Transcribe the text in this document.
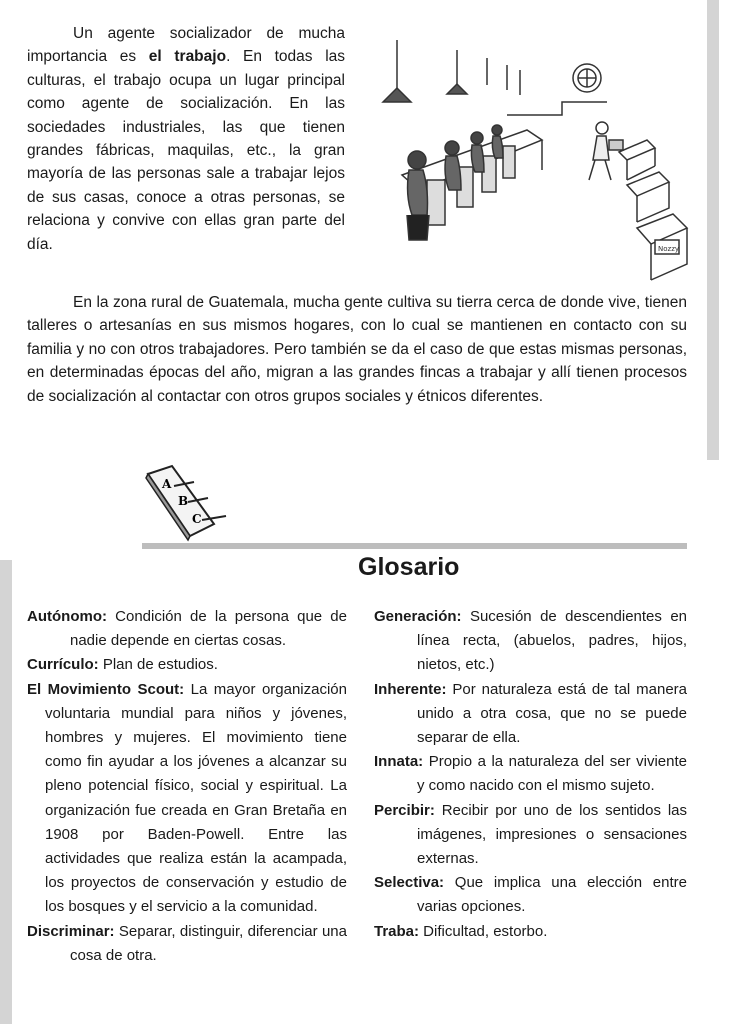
Un agente socializador de mucha importancia es el trabajo. En todas las culturas, el trabajo ocupa un lugar principal como agente de socialización. En las sociedades industriales, las que tienen grandes fábricas, maquilas, etc., la gran mayoría de las personas sale a trabajar lejos de sus casas, conoce a otras personas, se relaciona y convive con ellas gran parte del día.	Nozzy

En la zona rural de Guatemala, mucha gente cultiva su tierra cerca de donde vive, tienen talleres o artesanías en sus mismos hogares, con lo cual se mantienen en contacto con su familia y no con otros trabajadores. Pero también se da el caso de que estas mismas personas, en determinadas épocas del año, migran a las grandes fincas a trabajar y allí tienen procesos de socialización al contactar con otros grupos sociales y étnicos diferentes.

A
B
C
Glosario

Autónomo: Condición de la persona que de nadie depende en ciertas cosas.

Currículo: Plan de estudios.

El Movimiento Scout: La mayor organización voluntaria mundial para niños y jóvenes, hombres y mujeres. El movimiento tiene como fin ayudar a los jóvenes a alcanzar su pleno potencial físico, social y espiritual. La organización fue creada en Gran Bretaña en 1908 por Baden-Powell. Entre las actividades que realiza están la acampada, los proyectos de conservación y estudio de los bosques y el servicio a la comunidad.

Discriminar: Separar, distinguir, diferenciar una cosa de otra.

Generación: Sucesión de descendientes en línea recta, (abuelos, padres, hijos, nietos, etc.)

Inherente: Por naturaleza está de tal manera unido a otra cosa, que no se puede separar de ella.

Innata: Propio a la naturaleza del ser viviente y como nacido con el mismo sujeto.

Percibir: Recibir por uno de los sentidos las imágenes, impresiones o sensaciones externas.

Selectiva: Que implica una elección entre varias opciones.

Traba: Dificultad, estorbo.
